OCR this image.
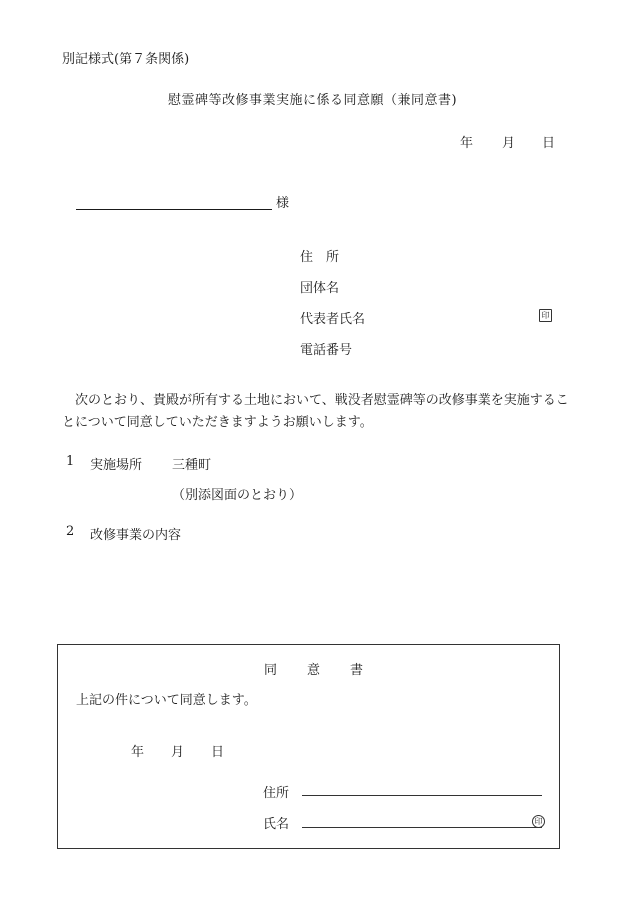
別記様式(第７条関係)
慰霊碑等改修事業実施に係る同意願（兼同意書)
年 月 日
様
住　所
団体名
代表者氏名	印
電話番号
次のとおり、貴殿が所有する土地において、戦没者慰霊碑等の改修事業を実施することについて同意していただきますようお願いします。
1 実施場所 三種町
（別添図面のとおり）
2 改修事業の内容
同 意 書
上記の件について同意します。
年 月 日
住所
氏名	印
